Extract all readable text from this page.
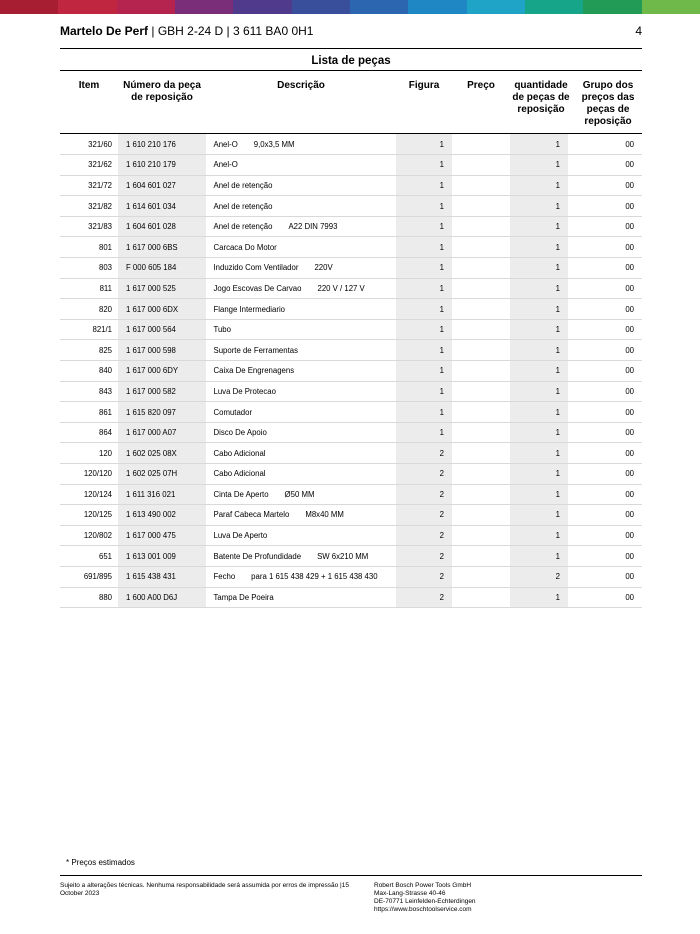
Martelo De Perf | GBH 2-24 D | 3 611 BA0 0H1	4
Lista de peças
Item	Número da peça de reposição
Descrição	Figura	Preço	quantidade de peças de reposição
Grupo dos preços das peças de reposição
321/60	1 610 210 176	Anel-O 9,0x3,5 MM	1		1	00
321/62	1 610 210 179	Anel-O	1		1	00
321/72	1 604 601 027	Anel de retenção	1		1	00
321/82	1 614 601 034	Anel de retenção	1		1	00
321/83	1 604 601 028	Anel de retenção A22 DIN 7993	1		1	00
801	1 617 000 6BS	Carcaca Do Motor	1		1	00
803	F 000 605 184	Induzido Com Ventilador 220V	1		1	00
811	1 617 000 525	Jogo Escovas De Carvao 220 V / 127 V	1		1	00
820	1 617 000 6DX	Flange Intermediario	1		1	00
821/1	1 617 000 564	Tubo	1		1	00
825	1 617 000 598	Suporte de Ferramentas	1		1	00
840	1 617 000 6DY	Caixa De Engrenagens	1		1	00
843	1 617 000 582	Luva De Protecao	1		1	00
861	1 615 820 097	Comutador	1		1	00
864	1 617 000 A07	Disco De Apoio	1		1	00
120	1 602 025 08X	Cabo Adicional	2		1	00
120/120	1 602 025 07H	Cabo Adicional	2		1	00
120/124	1 611 316 021	Cinta De Aperto Ø50 MM	2		1	00
120/125	1 613 490 002	Paraf Cabeca Martelo M8x40 MM	2		1	00
120/802	1 617 000 475	Luva De Aperto	2		1	00
651	1 613 001 009	Batente De Profundidade SW 6x210 MM	2		1	00
691/895	1 615 438 431	Fecho para 1 615 438 429 + 1 615 438 430	2		2	00
880	1 600 A00 D6J	Tampa De Poeira	2		1	00
* Preços estimados
Sujeito a alterações técnicas. Nenhuma responsabilidade será assumida por erros de impressão |15 October 2023
Robert Bosch Power Tools GmbH
Max-Lang-Strasse 40-46
DE-70771 Leinfelden-Echterdingen
https://www.boschtoolservice.com
